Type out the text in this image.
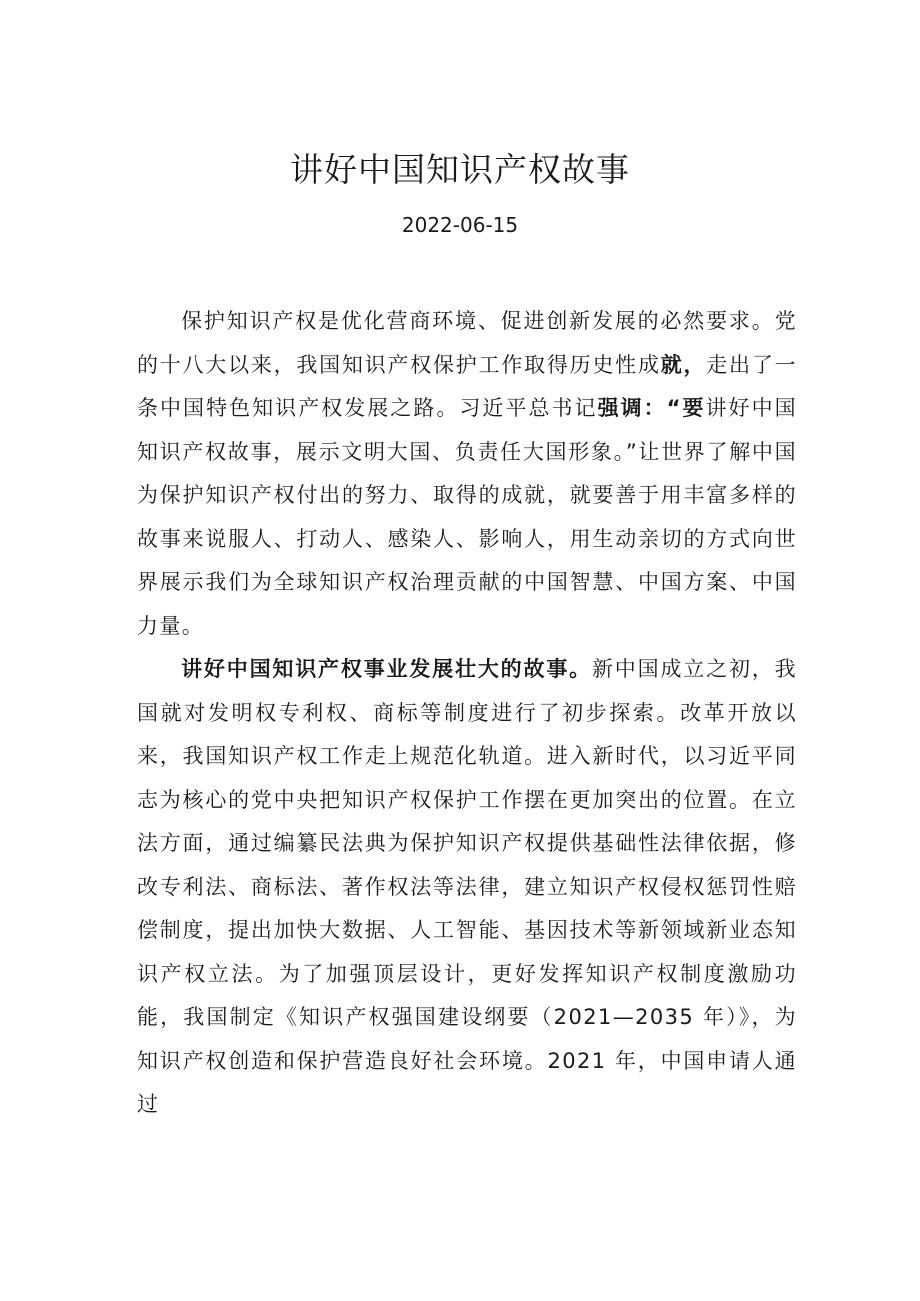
讲好中国知识产权故事
2022-06-15

保护知识产权是优化营商环境、促进创新发展的必然要求。党的十八大以来，我国知识产权保护工作取得历史性成就，走出了一条中国特色知识产权发展之路。习近平总书记强调：“要讲好中国知识产权故事，展示文明大国、负责任大国形象。”让世界了解中国为保护知识产权付出的努力、取得的成就，就要善于用丰富多样的故事来说服人、打动人、感染人、影响人，用生动亲切的方式向世界展示我们为全球知识产权治理贡献的中国智慧、中国方案、中国力量。

讲好中国知识产权事业发展壮大的故事。新中国成立之初，我国就对发明权专利权、商标等制度进行了初步探索。改革开放以来，我国知识产权工作走上规范化轨道。进入新时代，以习近平同志为核心的党中央把知识产权保护工作摆在更加突出的位置。在立法方面，通过编纂民法典为保护知识产权提供基础性法律依据，修改专利法、商标法、著作权法等法律，建立知识产权侵权惩罚性赔偿制度，提出加快大数据、人工智能、基因技术等新领域新业态知识产权立法。为了加强顶层设计，更好发挥知识产权制度激励功能，我国制定《知识产权强国建设纲要（2021—2035 年）》，为知识产权创造和保护营造良好社会环境。2021 年，中国申请人通过
